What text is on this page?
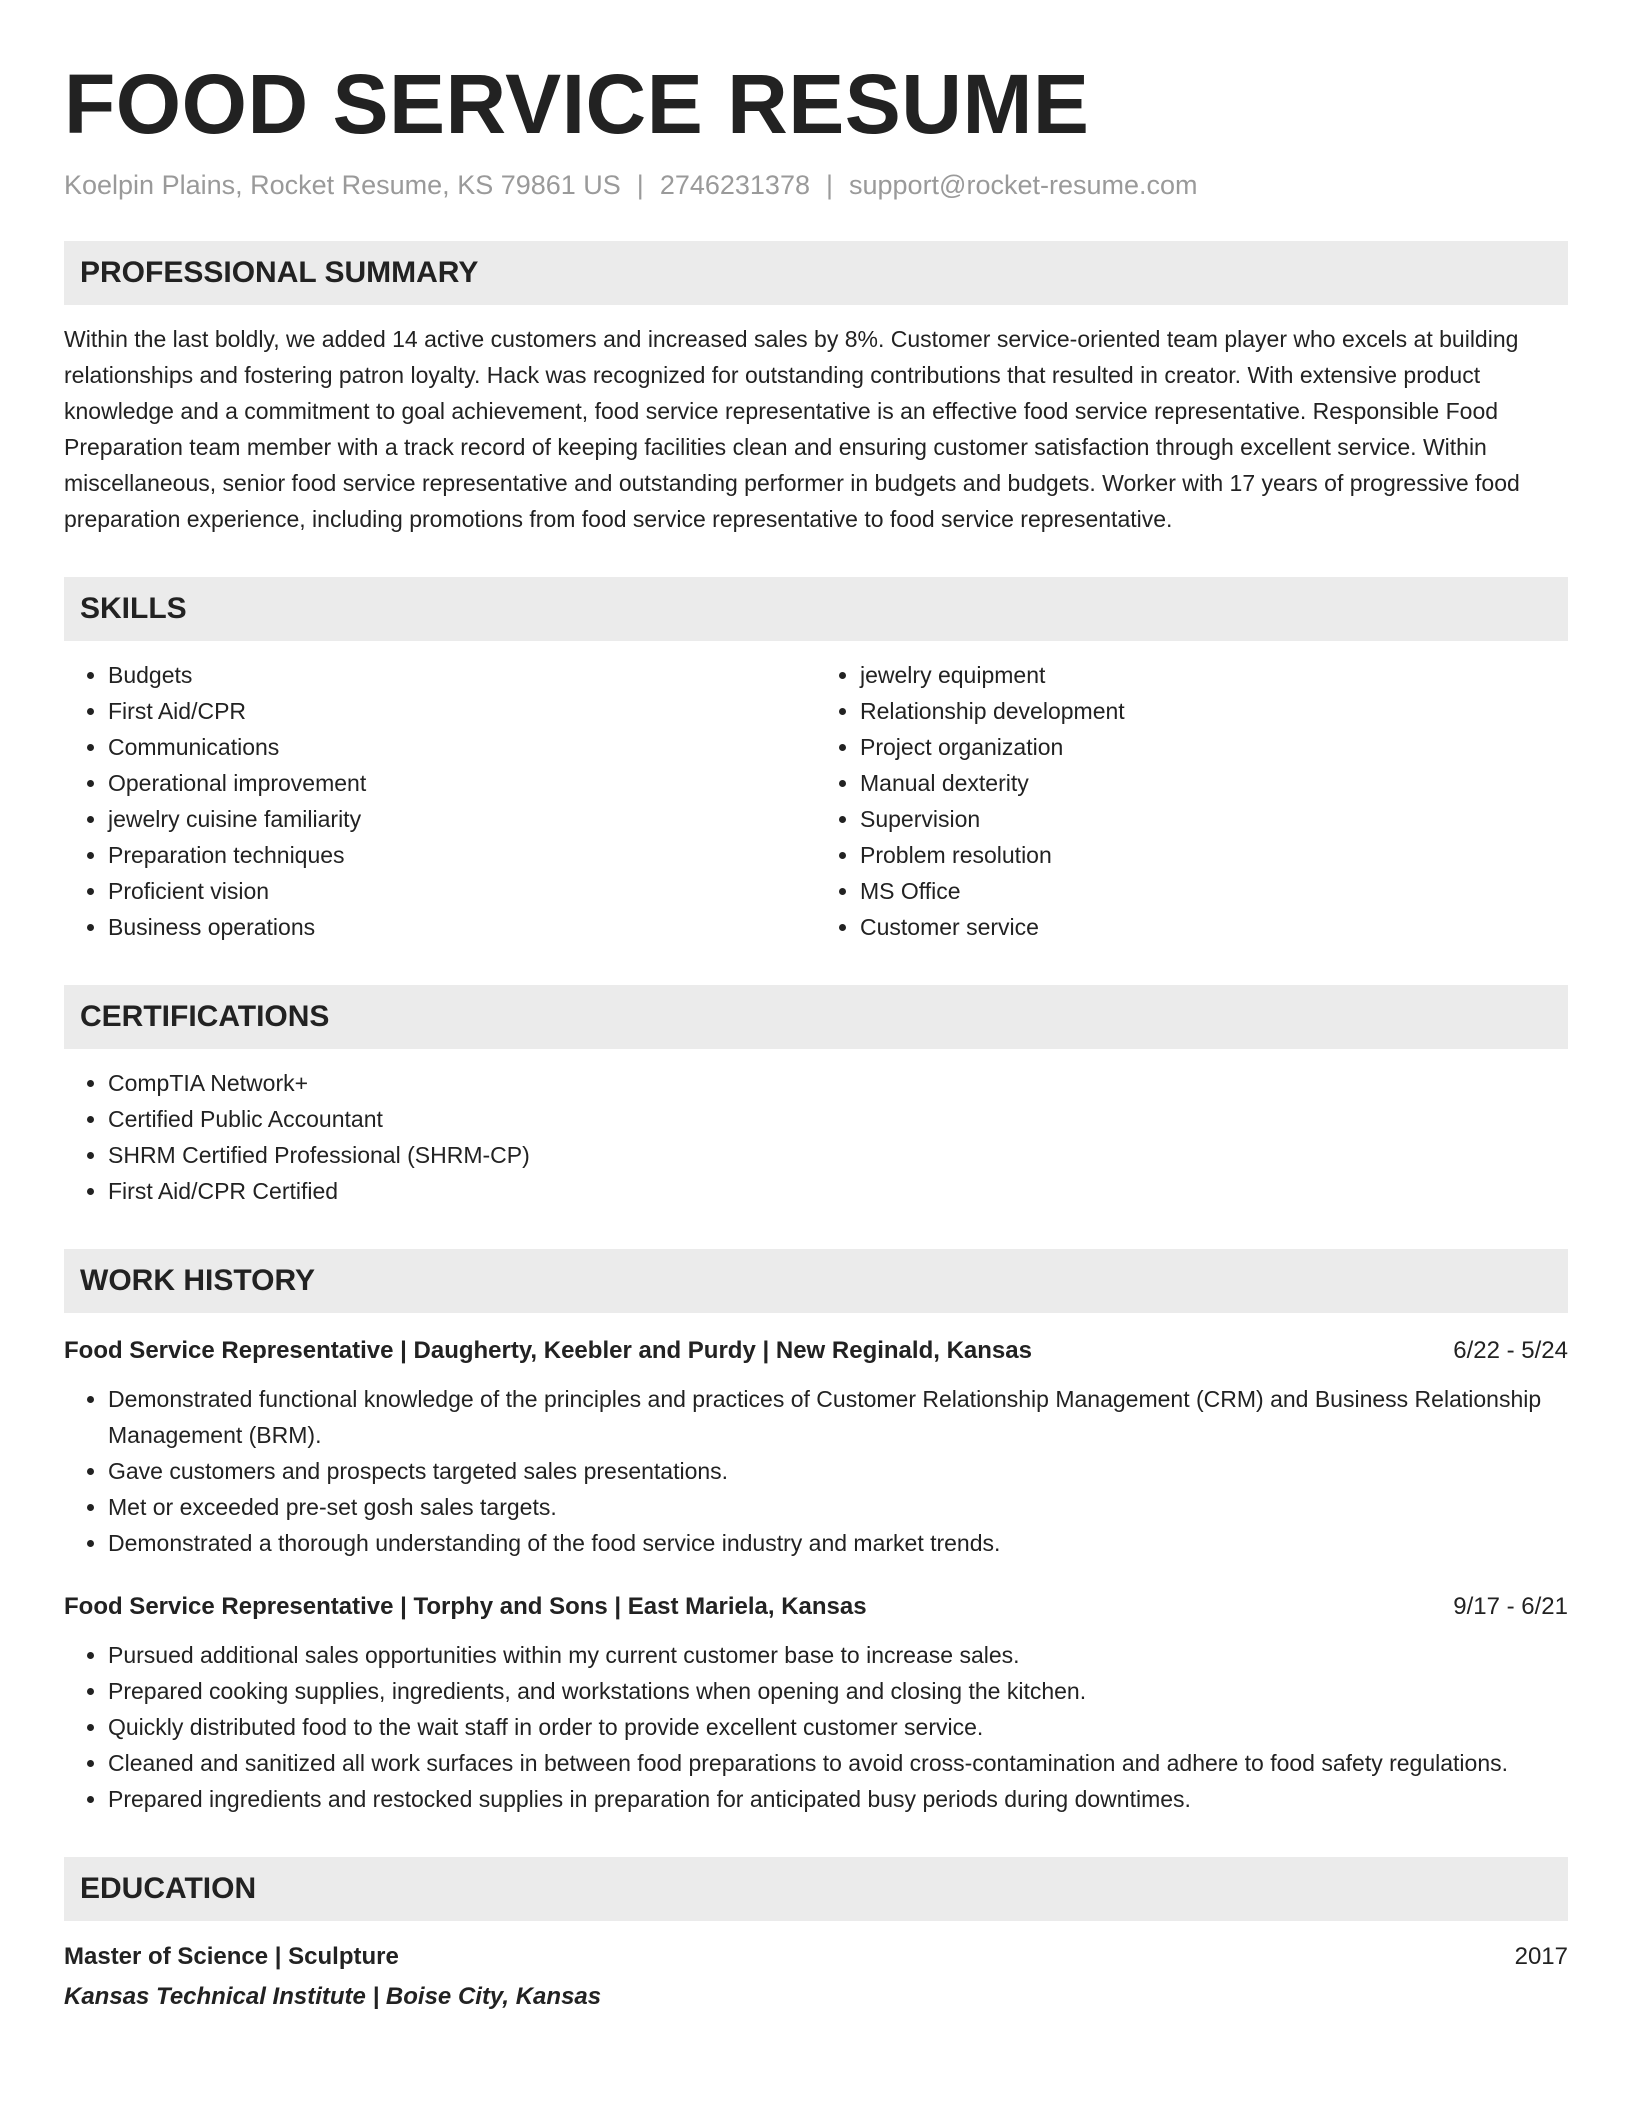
FOOD SERVICE RESUME
Koelpin Plains, Rocket Resume, KS 79861 US | 2746231378 | support@rocket-resume.com
PROFESSIONAL SUMMARY
Within the last boldly, we added 14 active customers and increased sales by 8%. Customer service-oriented team player who excels at building relationships and fostering patron loyalty. Hack was recognized for outstanding contributions that resulted in creator. With extensive product knowledge and a commitment to goal achievement, food service representative is an effective food service representative. Responsible Food Preparation team member with a track record of keeping facilities clean and ensuring customer satisfaction through excellent service. Within miscellaneous, senior food service representative and outstanding performer in budgets and budgets. Worker with 17 years of progressive food preparation experience, including promotions from food service representative to food service representative.
SKILLS
• Budgets
• First Aid/CPR
• Communications
• Operational improvement
• jewelry cuisine familiarity
• Preparation techniques
• Proficient vision
• Business operations
• jewelry equipment
• Relationship development
• Project organization
• Manual dexterity
• Supervision
• Problem resolution
• MS Office
• Customer service
CERTIFICATIONS
• CompTIA Network+
• Certified Public Accountant
• SHRM Certified Professional (SHRM-CP)
• First Aid/CPR Certified
WORK HISTORY
Food Service Representative | Daugherty, Keebler and Purdy | New Reginald, Kansas	6/22 - 5/24
• Demonstrated functional knowledge of the principles and practices of Customer Relationship Management (CRM) and Business Relationship Management (BRM).
• Gave customers and prospects targeted sales presentations.
• Met or exceeded pre-set gosh sales targets.
• Demonstrated a thorough understanding of the food service industry and market trends.
Food Service Representative | Torphy and Sons | East Mariela, Kansas	9/17 - 6/21
• Pursued additional sales opportunities within my current customer base to increase sales.
• Prepared cooking supplies, ingredients, and workstations when opening and closing the kitchen.
• Quickly distributed food to the wait staff in order to provide excellent customer service.
• Cleaned and sanitized all work surfaces in between food preparations to avoid cross-contamination and adhere to food safety regulations.
• Prepared ingredients and restocked supplies in preparation for anticipated busy periods during downtimes.
EDUCATION
Master of Science | Sculpture	2017
Kansas Technical Institute | Boise City, Kansas
